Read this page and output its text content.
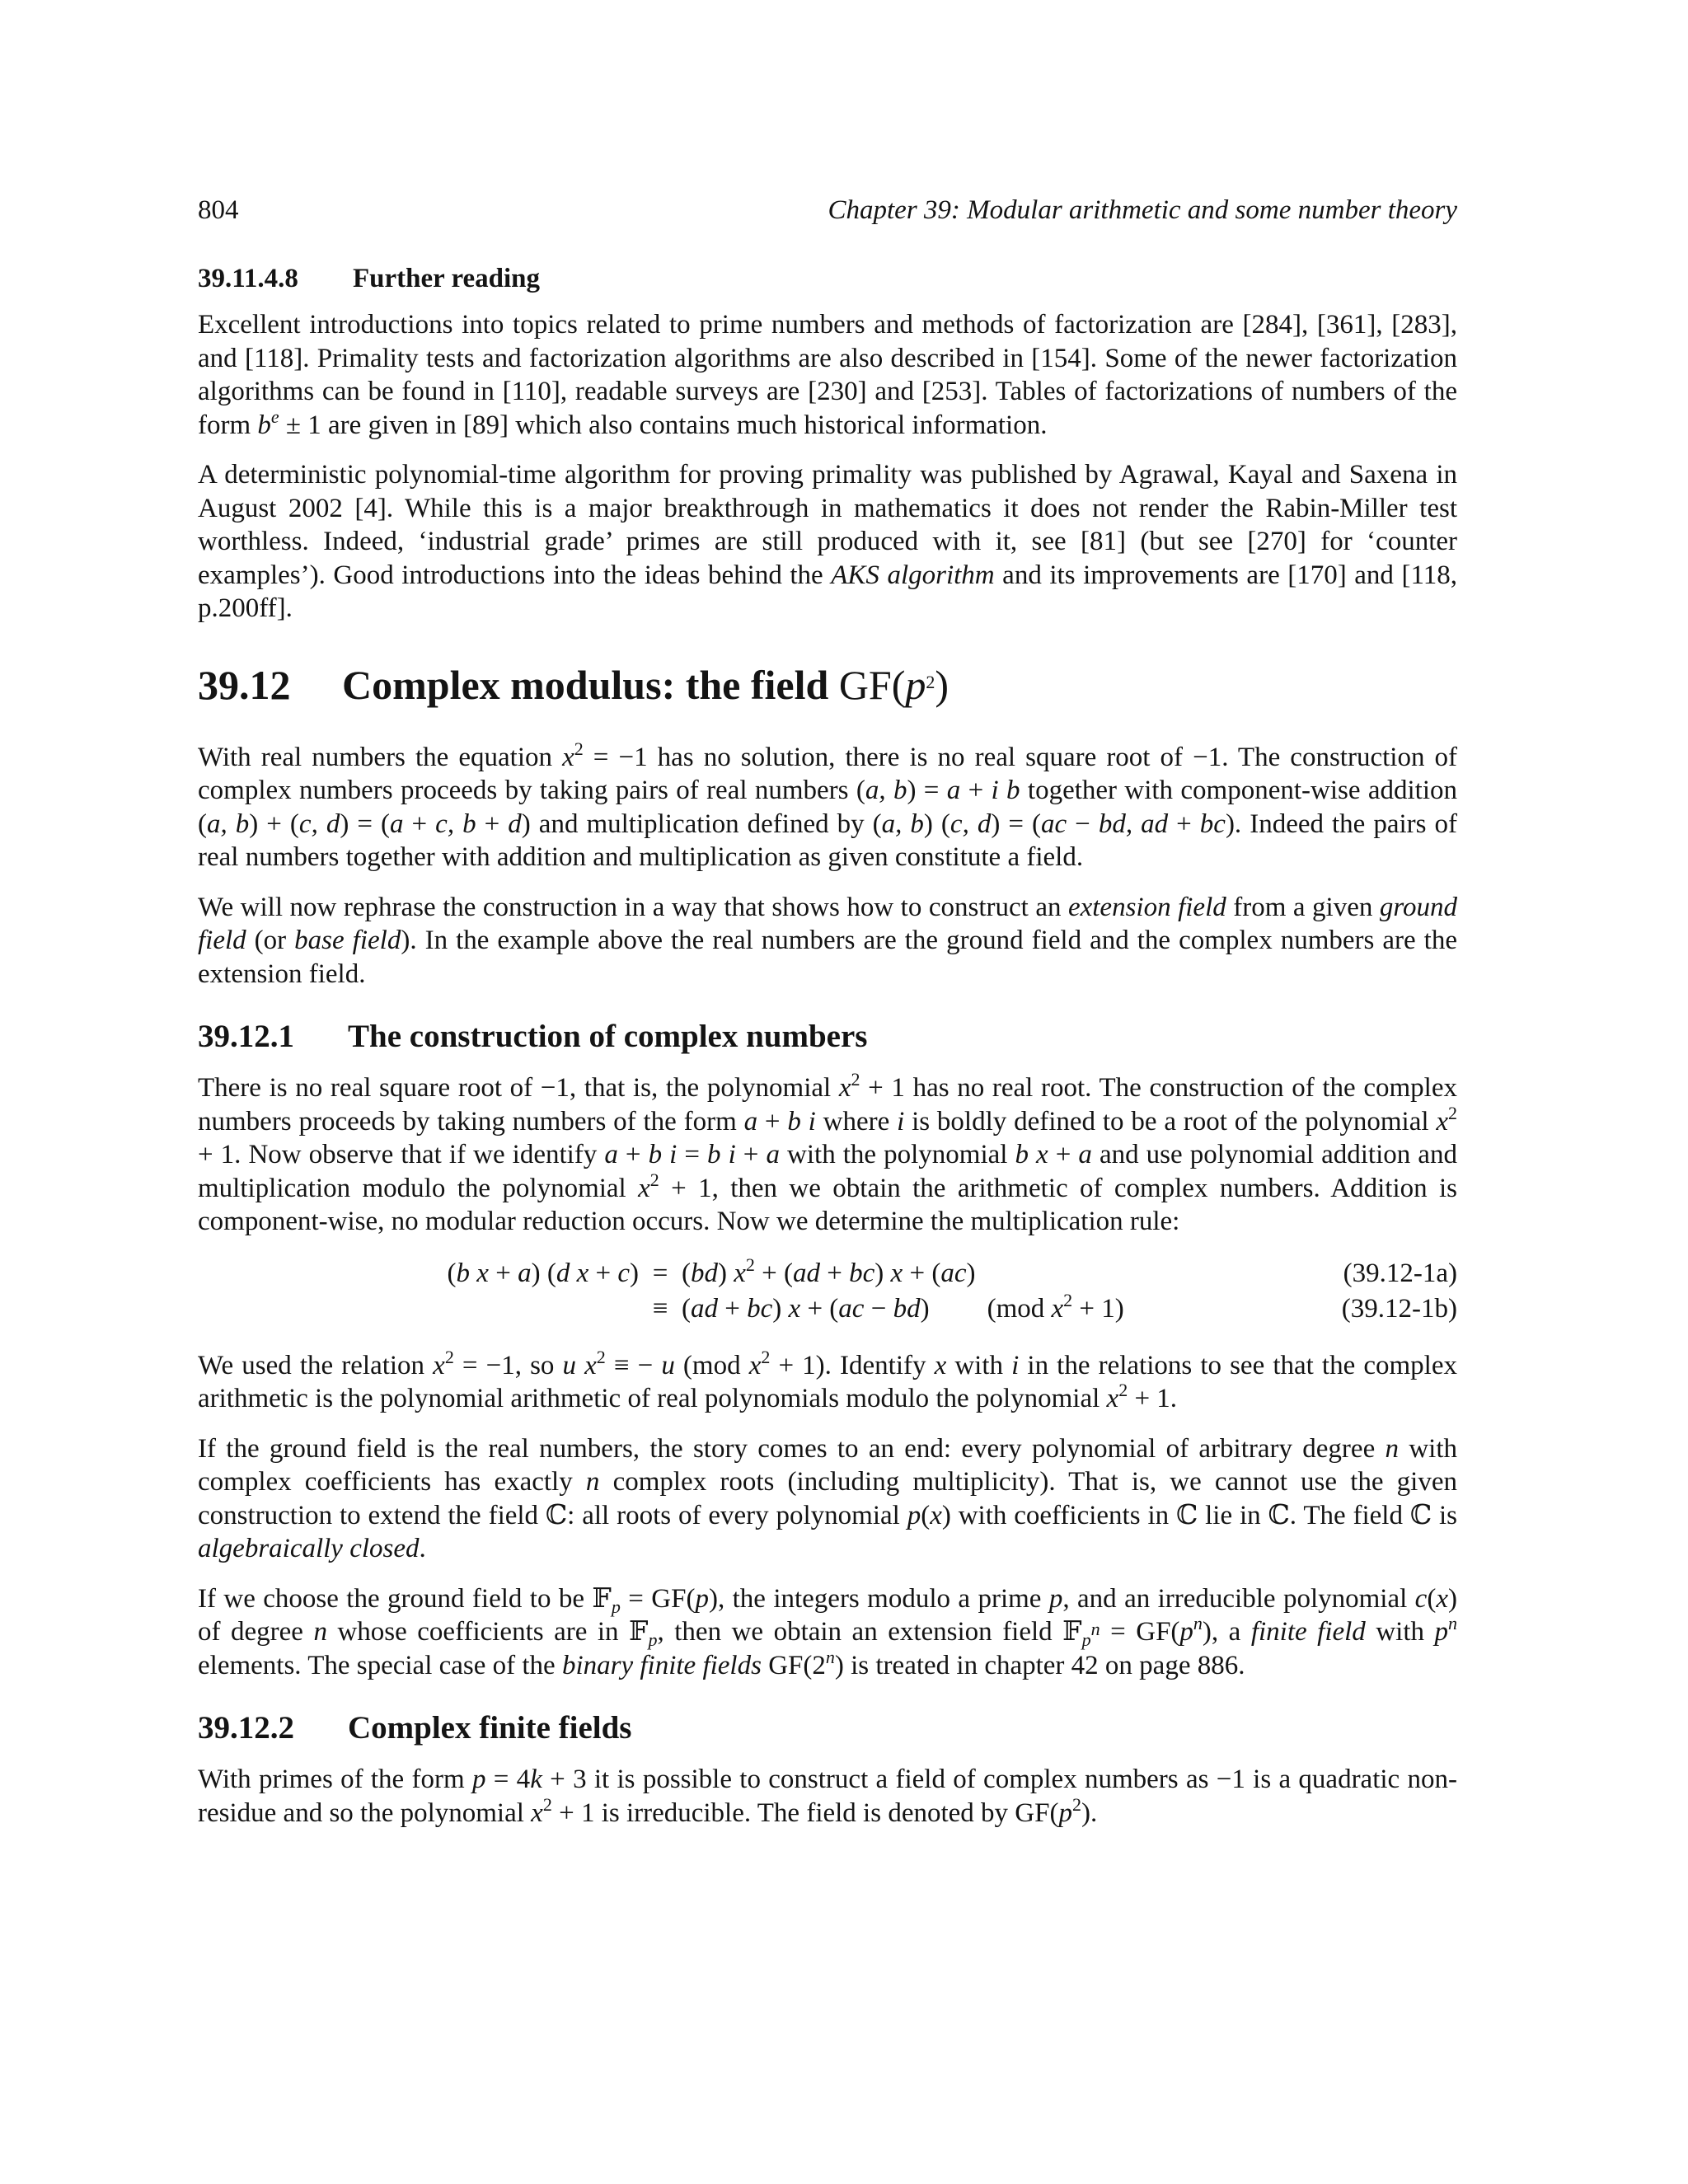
804	Chapter 39: Modular arithmetic and some number theory
39.11.4.8 Further reading

Excellent introductions into topics related to prime numbers and methods of factorization are [284], [361], [283], and [118]. Primality tests and factorization algorithms are also described in [154]. Some of the newer factorization algorithms can be found in [110], readable surveys are [230] and [253]. Tables of factorizations of numbers of the form $b^e \pm 1$ are given in [89] which also contains much historical information.

A deterministic polynomial-time algorithm for proving primality was published by Agrawal, Kayal and Saxena in August 2002 [4]. While this is a major breakthrough in mathematics it does not render the Rabin-Miller test worthless. Indeed, ‘industrial grade’ primes are still produced with it, see [81] (but see [270] for ‘counter examples’). Good introductions into the ideas behind the AKS algorithm and its improvements are [170] and [118, p.200ff].

39.12 Complex modulus: the field $GF(p^2)$

With real numbers the equation $x^2 = -1$ has no solution, there is no real square root of −1. The construction of complex numbers proceeds by taking pairs of real numbers (a, b) = a + i b together with component-wise addition (a, b) + (c, d) = (a + c, b + d) and multiplication defined by (a, b) (c, d) = (ac − bd, ad + bc). Indeed the pairs of real numbers together with addition and multiplication as given constitute a field.

We will now rephrase the construction in a way that shows how to construct an extension field from a given ground field (or base field). In the example above the real numbers are the ground field and the complex numbers are the extension field.

39.12.1 The construction of complex numbers

There is no real square root of −1, that is, the polynomial $x^2 + 1$ has no real root. The construction of the complex numbers proceeds by taking numbers of the form a + b i where i is boldly defined to be a root of the polynomial $x^2 + 1$. Now observe that if we identify a + b i = b i + a with the polynomial b x + a and use polynomial addition and multiplication modulo the polynomial $x^2 + 1$, then we obtain the arithmetic of complex numbers. Addition is component-wise, no modular reduction occurs. Now we determine the multiplication rule:

(b x + a) (d x + c) = (bd) $x^2 + (ad + bc) x + (ac)$	(39.12-1a)
≡ (ad + bc) x + (ac − bd) (mod $x^2 + 1$)	(39.12-1b)

We used the relation $x^2 = -1$, so u $x^2$ ≡ − u (mod $x^2 + 1$). Identify x with i in the relations to see that the complex arithmetic is the polynomial arithmetic of real polynomials modulo the polynomial $x^2 + 1$.

If the ground field is the real numbers, the story comes to an end: every polynomial of arbitrary degree n with complex coefficients has exactly n complex roots (including multiplicity). That is, we cannot use the given construction to extend the field ℂ: all roots of every polynomial p(x) with coefficients in ℂ lie in ℂ. The field ℂ is algebraically closed.

If we choose the ground field to be 𝔽$_p$ = GF(p), the integers modulo a prime p, and an irreducible polynomial c(x) of degree n whose coefficients are in 𝔽$_p$, then we obtain an extension field 𝔽$_{p^n}$ = $GF(p^n)$, a finite field with $p^n$ elements. The special case of the binary finite fields GF(2$^n$) is treated in chapter 42 on page 886.

39.12.2 Complex finite fields

With primes of the form p = 4k + 3 it is possible to construct a field of complex numbers as −1 is a quadratic non-residue and so the polynomial $x^2 + 1$ is irreducible. The field is denoted by $GF(p^2)$.
